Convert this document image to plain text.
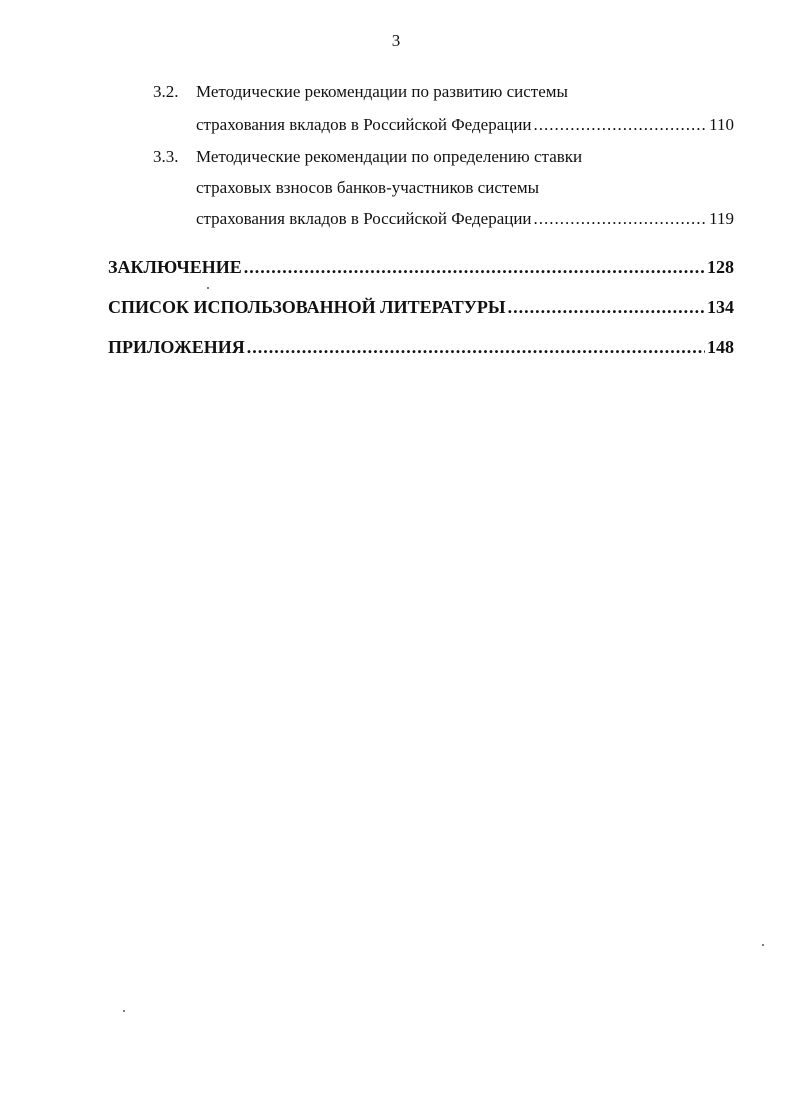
3
3.2. Методические рекомендации по развитию системы
страхования вкладов в Российской Федерации .....	110
3.3. Методические рекомендации по определению ставки
страховых взносов банков-участников системы
страхования вкладов в Российской Федерации .....	119
ЗАКЛЮЧЕНИЕ .....	128
СПИСОК ИСПОЛЬЗОВАННОЙ ЛИТЕРАТУРЫ .....	134
ПРИЛОЖЕНИЯ .....	148
